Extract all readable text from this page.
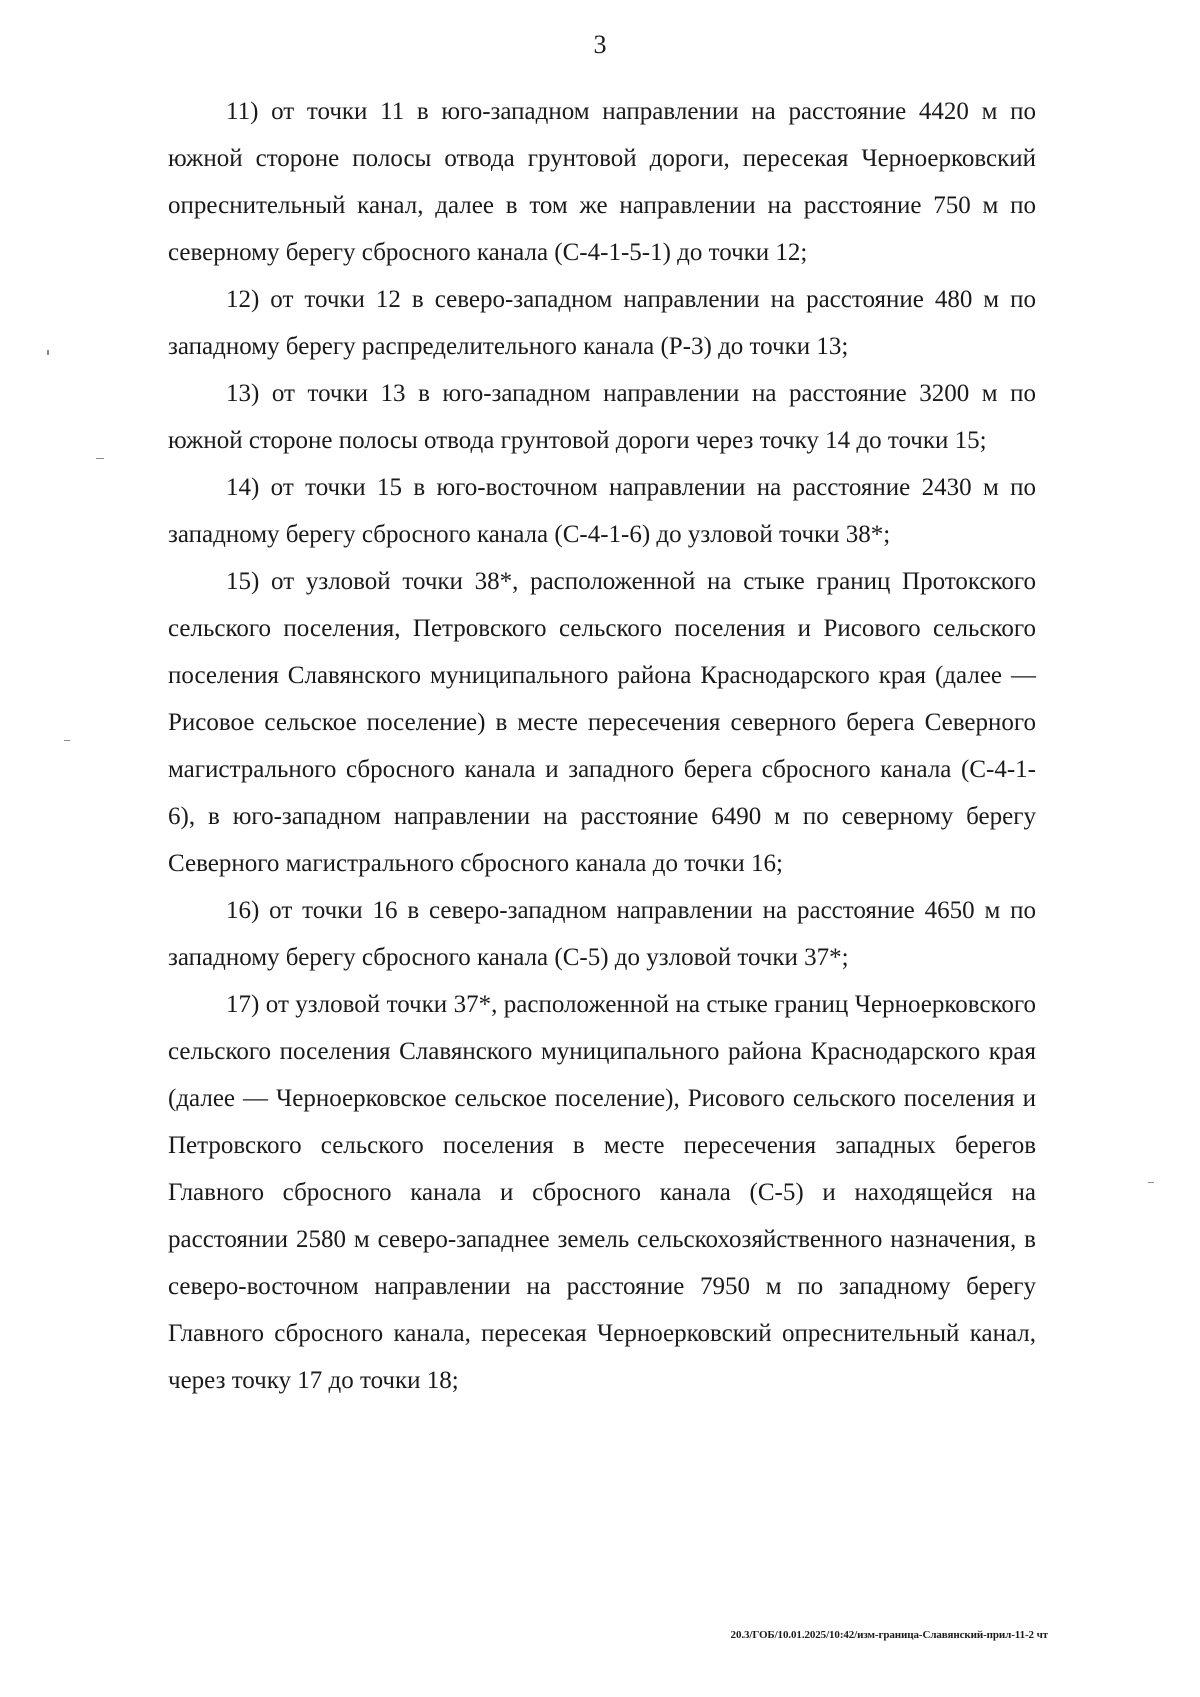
3

11) от точки 11 в юго-западном направлении на расстояние 4420 м по южной стороне полосы отвода грунтовой дороги, пересекая Черноерковский опреснительный канал, далее в том же направлении на расстояние 750 м по северному берегу сбросного канала (С-4-1-5-1) до точки 12;

12) от точки 12 в северо-западном направлении на расстояние 480 м по западному берегу распределительного канала (Р-3) до точки 13;

13) от точки 13 в юго-западном направлении на расстояние 3200 м по южной стороне полосы отвода грунтовой дороги через точку 14 до точки 15;

14) от точки 15 в юго-восточном направлении на расстояние 2430 м по западному берегу сбросного канала (С-4-1-6) до узловой точки 38*;

15) от узловой точки 38*, расположенной на стыке границ Протокского сельского поселения, Петровского сельского поселения и Рисового сельского поселения Славянского муниципального района Краснодарского края (далее — Рисовое сельское поселение) в месте пересечения северного берега Северного магистрального сбросного канала и западного берега сбросного канала (С-4-1-6), в юго-западном направлении на расстояние 6490 м по северному берегу Северного магистрального сбросного канала до точки 16;

16) от точки 16 в северо-западном направлении на расстояние 4650 м по западному берегу сбросного канала (С-5) до узловой точки 37*;

17) от узловой точки 37*, расположенной на стыке границ Черноерковского сельского поселения Славянского муниципального района Краснодарского края (далее — Черноерковское сельское поселение), Рисового сельского поселения и Петровского сельского поселения в месте пересечения западных берегов Главного сбросного канала и сбросного канала (С-5) и находящейся на расстоянии 2580 м северо-западнее земель сельскохозяйственного назначения, в северо-восточном направлении на расстояние 7950 м по западному берегу Главного сбросного канала, пересекая Черноерковский опреснительный канал, через точку 17 до точки 18;

20.3/ГОБ/10.01.2025/10:42/изм-граница-Славянский-прил-11-2 чт
